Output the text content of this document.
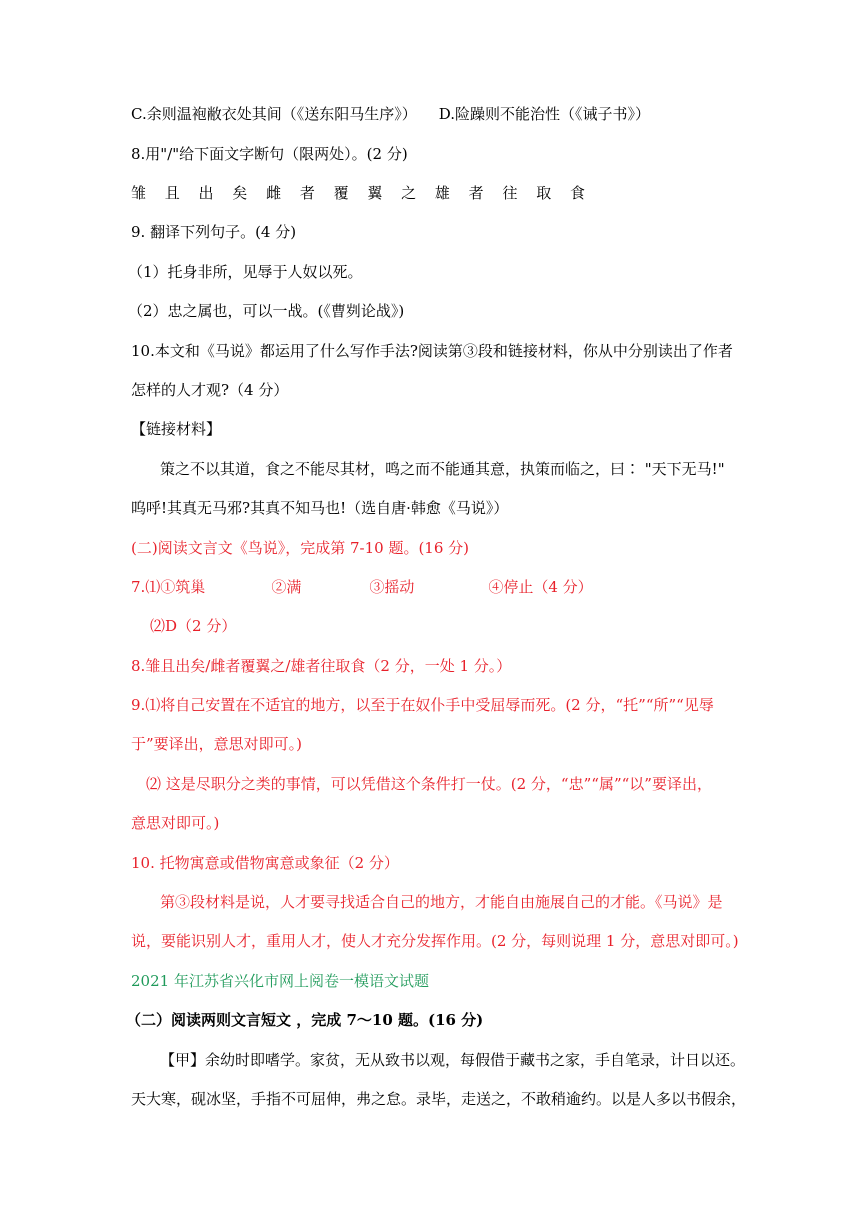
C.余则温袍敝衣处其间（《送东阳马生序》） D.险躁则不能治性（《诫子书》）
8.用"/"给下面文字断句（限两处）。(2 分)
雏 且 出 矣 雌 者 覆 翼 之 雄 者 往 取 食
9. 翻译下列句子。(4 分)
（1）托身非所，见辱于人奴以死。
（2）忠之属也，可以一战。(《曹刿论战》)
10.本文和《马说》都运用了什么写作手法?阅读第③段和链接材料，你从中分别读出了作者
怎样的人才观?（4 分）
【链接材料】
策之不以其道，食之不能尽其材，鸣之而不能通其意，执策而临之，曰∶ "天下无马!"
呜呼!其真无马邪?其真不知马也!（选自唐·韩愈《马说》）
(二)阅读文言文《鸟说》，完成第 7-10 题。(16 分)
7.⑴①筑巢	②满	③摇动	④停止（4 分）
⑵D（2 分）
8.雏且出矣/雌者覆翼之/雄者往取食（2 分，一处 1 分。）
9.⑴将自己安置在不适宜的地方，以至于在奴仆手中受屈辱而死。(2 分，“托”“所”“见辱
于”要译出，意思对即可。)
⑵ 这是尽职分之类的事情，可以凭借这个条件打一仗。(2 分，“忠”“属”“以”要译出，
意思对即可。)
10. 托物寓意或借物寓意或象征（2 分）
第③段材料是说，人才要寻找适合自己的地方，才能自由施展自己的才能。《马说》是
说，要能识别人才，重用人才，使人才充分发挥作用。(2 分，每则说理 1 分，意思对即可。)
2021 年江苏省兴化市网上阅卷一模语文试题
（二）阅读两则文言短文 ，完成 7～10 题。(16 分)
【甲】余幼时即嗜学。家贫，无从致书以观，每假借于藏书之家，手自笔录，计日以还。
天大寒，砚冰坚，手指不可屈伸，弗之怠。录毕，走送之，不敢稍逾约。以是人多以书假余，
